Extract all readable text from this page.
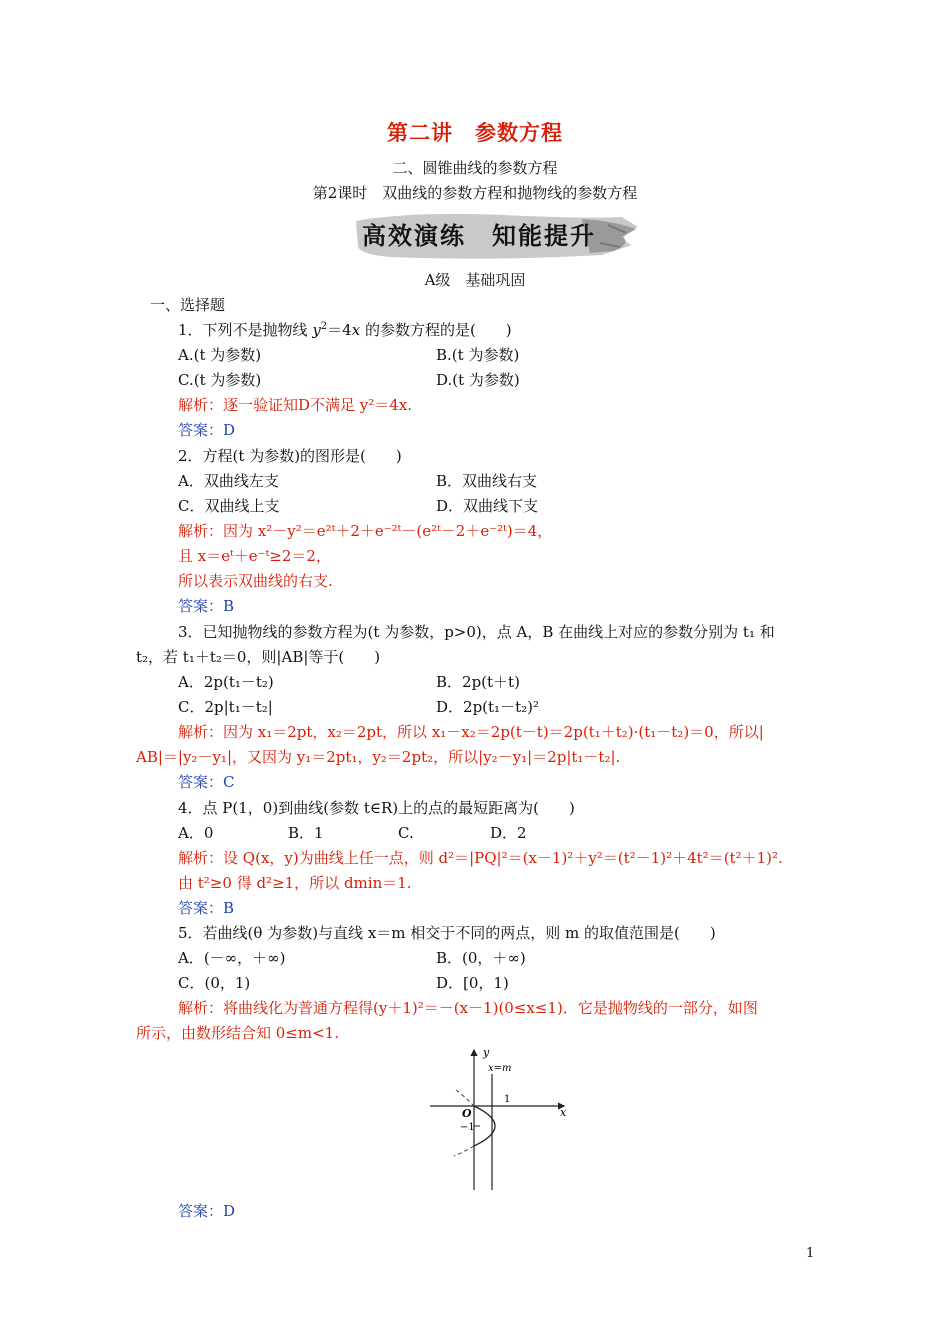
第二讲　参数方程
二、圆锥曲线的参数方程
第2课时　双曲线的参数方程和抛物线的参数方程
高效演练　知能提升
A级　基础巩固
一、选择题
1．下列不是抛物线 $y^2=4x$ 的参数方程的是(　　)
A.(t 为参数)	B.(t 为参数)
C.(t 为参数)	D.(t 为参数)
解析：逐一验证知D不满足 y²＝4x.
答案：D
2．方程(t 为参数)的图形是(　　)
A．双曲线左支	B．双曲线右支
C．双曲线上支	D．双曲线下支
解析：因为 x²－y²＝e²ᵗ＋2＋e⁻²ᵗ－(e²ᵗ－2＋e⁻²ᵗ)＝4，
且 x＝eᵗ＋e⁻ᵗ≥2＝2，
所以表示双曲线的右支.
答案：B
3．已知抛物线的参数方程为(t 为参数，p>0)，点 A，B 在曲线上对应的参数分别为 t₁ 和
t₂，若 t₁＋t₂＝0，则|AB|等于(　　)
A．2p(t₁－t₂)	B．2p(t＋t)
C．2p|t₁－t₂|	D．2p(t₁－t₂)²
解析：因为 x₁＝2pt，x₂＝2pt，所以 x₁－x₂＝2p(t－t)＝2p(t₁＋t₂)·(t₁－t₂)＝0，所以|
AB|＝|y₂－y₁|，又因为 y₁＝2pt₁，y₂＝2pt₂，所以|y₂－y₁|＝2p|t₁－t₂|.
答案：C
4．点 P(1，0)到曲线(参数 t∈R)上的点的最短距离为(　　)
A．0	B．1	C.	D．2
解析：设 Q(x，y)为曲线上任一点，则 d²＝|PQ|²＝(x－1)²＋y²＝(t²－1)²＋4t²＝(t²＋1)².
由 t²≥0 得 d²≥1，所以 dmin＝1.
答案：B
5．若曲线(θ 为参数)与直线 x＝m 相交于不同的两点，则 m 的取值范围是(　　)
A．(－∞，＋∞)	B．(0，＋∞)
C．(0，1)	D．[0，1)
解析：将曲线化为普通方程得(y＋1)²＝－(x－1)(0≤x≤1)．它是抛物线的一部分，如图
所示，由数形结合知 0≤m<1.
y
x
x=m
O
1
−1
答案：D
1
